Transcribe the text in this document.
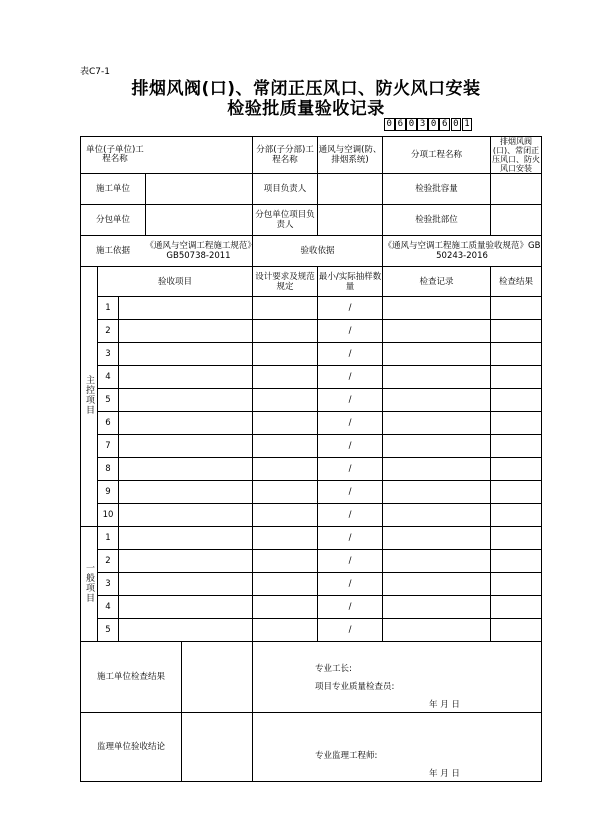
表C7-1
排烟风阀(口)、常闭正压风口、防火风口安装
检验批质量验收记录
0 6 0 3 0 6 0 1
单位(子单位)工程名称			分部(子分部)工程名称	通风与空调(防、排烟系统)	分项工程名称	排烟风阀(口)、常闭正压风口、防火风口安装

施工单位			项目负责人		检验批容量	

分包单位			分包单位项目负责人		检验批部位	

施工依据 《通风与空调工程施工规范》GB50738-2011			验收依据		《通风与空调工程施工质量验收规范》GB 50243-2016	
主控项目	验收项目		设计要求及规范规定	最小/实际抽样数量	检查记录	检查结果
	1			/		
	2			/		
	3			/		
	4			/		
	5			/		
	6			/		
	7			/		
	8			/		
	9			/		
	10			/		
一般项目	1			/		
	2			/		
	3			/		
	4			/		
	5			/		

施工单位检查结果			专业工长:
项目专业质量检查员:
年 月 日			

监理单位验收结论			专业监理工程师:
年 月 日			
